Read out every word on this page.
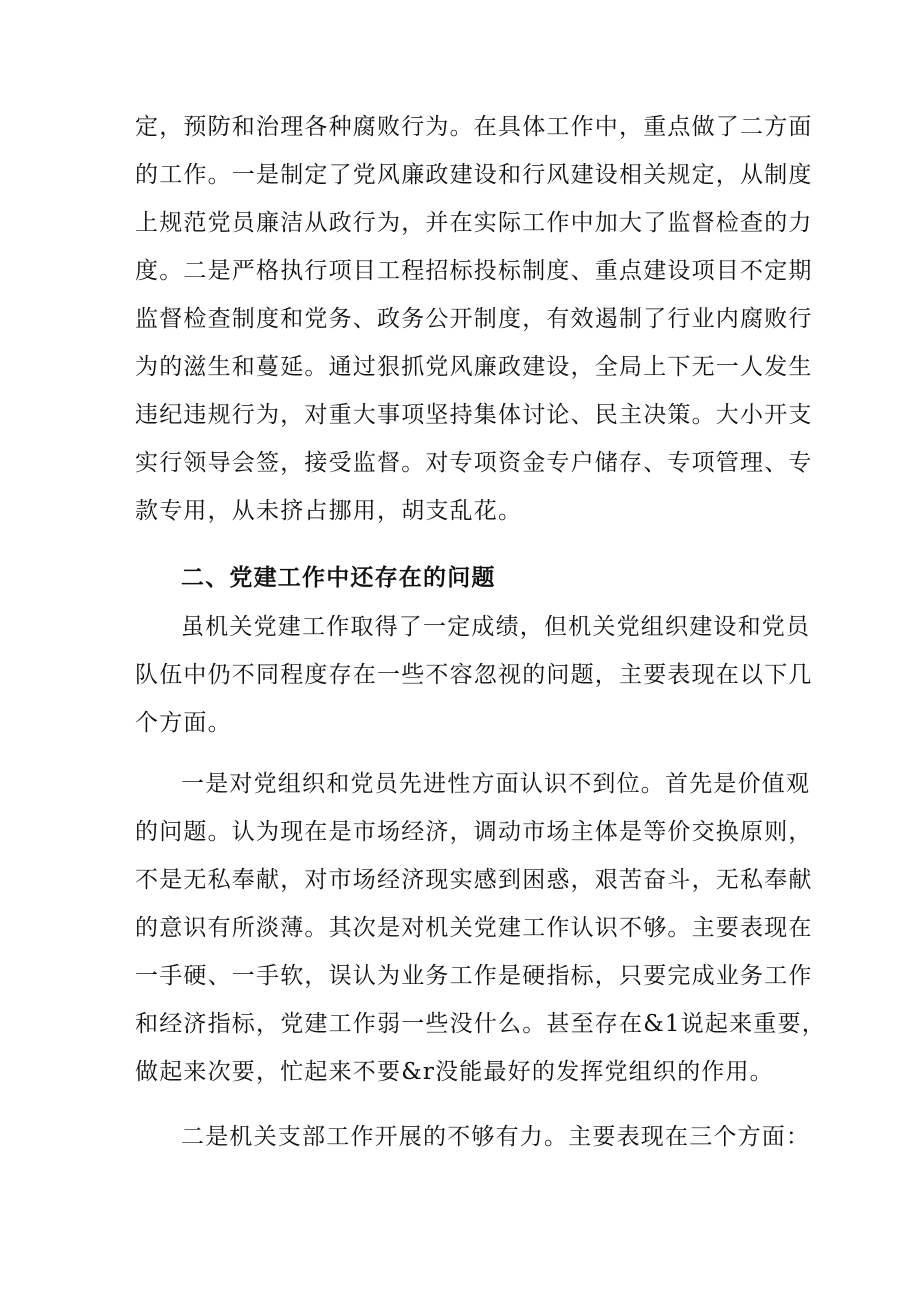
定，预防和治理各种腐败行为。在具体工作中，重点做了二方面
的工作。一是制定了党风廉政建设和行风建设相关规定，从制度
上规范党员廉洁从政行为，并在实际工作中加大了监督检查的力
度。二是严格执行项目工程招标投标制度、重点建设项目不定期
监督检查制度和党务、政务公开制度，有效遏制了行业内腐败行
为的滋生和蔓延。通过狠抓党风廉政建设，全局上下无一人发生
违纪违规行为，对重大事项坚持集体讨论、民主决策。大小开支
实行领导会签，接受监督。对专项资金专户储存、专项管理、专
款专用，从未挤占挪用，胡支乱花。
二、党建工作中还存在的问题
虽机关党建工作取得了一定成绩，但机关党组织建设和党员
队伍中仍不同程度存在一些不容忽视的问题，主要表现在以下几
个方面。
一是对党组织和党员先进性方面认识不到位。首先是价值观
的问题。认为现在是市场经济，调动市场主体是等价交换原则，
不是无私奉献，对市场经济现实感到困惑，艰苦奋斗，无私奉献
的意识有所淡薄。其次是对机关党建工作认识不够。主要表现在
一手硬、一手软，误认为业务工作是硬指标，只要完成业务工作
和经济指标，党建工作弱一些没什么。甚至存在&1说起来重要，
做起来次要，忙起来不要&r没能最好的发挥党组织的作用。
二是机关支部工作开展的不够有力。主要表现在三个方面：
